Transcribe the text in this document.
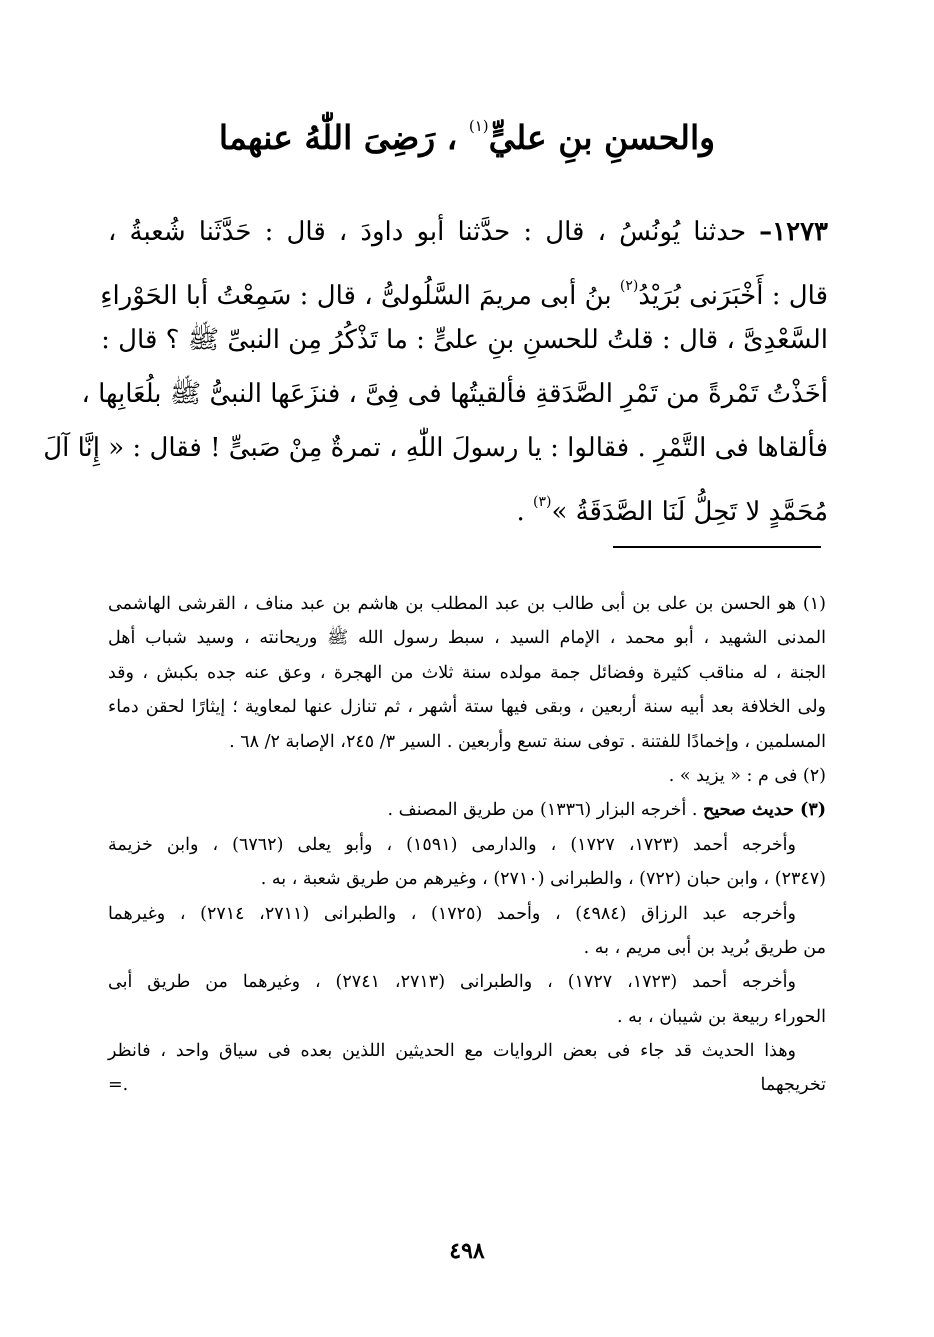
والحسنِ بنِ عليٍّ$^{(١)}$ ، رَضِىَ اللّٰهُ عنهما
١٢٧٣– حدثنا يُونُسُ ، قال : حدَّثنا أبو داودَ ، قال : حَدَّثَنا شُعبةُ ،
قال : أَخْبَرَنى بُرَيْدُ$^{(٢)}$ بنُ أبى مريمَ السَّلُولىُّ ، قال : سَمِعْتُ أبا الحَوْراءِ
السَّعْدِىَّ ، قال : قلتُ للحسنِ بنِ علىٍّ : ما تَذْكُرُ مِن النبىِّ ﷺ ؟ قال :
أخَذْتُ تَمْرةً من تَمْرِ الصَّدَقةِ فألقيتُها فى فِىَّ ، فنزَعَها النبىُّ ﷺ بلُعَابِها ،
فألقاها فى التَّمْرِ . فقالوا : يا رسولَ اللّٰهِ ، تمرةٌ مِنْ صَبىٍّ ! فقال : « إِنَّا آلَ
مُحَمَّدٍ لا تَحِلُّ لَنَا الصَّدَقَةُ »$^{(٣)}$ .
(١) هو الحسن بن على بن أبى طالب بن عبد المطلب بن هاشم بن عبد مناف ، القرشى الهاشمى
المدنى الشهيد ، أبو محمد ، الإمام السيد ، سبط رسول الله ﷺ وريحانته ، وسيد شباب أهل
الجنة ، له مناقب كثيرة وفضائل جمة مولده سنة ثلاث من الهجرة ، وعق عنه جده بكبش ، وقد
ولى الخلافة بعد أبيه سنة أربعين ، وبقى فيها ستة أشهر ، ثم تنازل عنها لمعاوية ؛ إيثارًا لحقن دماء
المسلمين ، وإخمادًا للفتنة . توفى سنة تسع وأربعين . السير ٣/ ٢٤٥، الإصابة ٢/ ٦٨ .
(٢) فى م : « يزيد » .
(٣) حديث صحيح . أخرجه البزار (١٣٣٦) من طريق المصنف .
وأخرجه أحمد (١٧٢٣، ١٧٢٧) ، والدارمى (١٥٩١) ، وأبو يعلى (٦٧٦٢) ، وابن خزيمة
(٢٣٤٧) ، وابن حبان (٧٢٢) ، والطبرانى (٢٧١٠) ، وغيرهم من طريق شعبة ، به .
وأخرجه عبد الرزاق (٤٩٨٤) ، وأحمد (١٧٢٥) ، والطبرانى (٢٧١١، ٢٧١٤) ، وغيرهما
من طريق بُريد بن أبى مريم ، به .
وأخرجه أحمد (١٧٢٣، ١٧٢٧) ، والطبرانى (٢٧١٣، ٢٧٤١) ، وغيرهما من طريق أبى
الحوراء ربيعة بن شيبان ، به .
وهذا الحديث قد جاء فى بعض الروايات مع الحديثين اللذين بعده فى سياق واحد ، فانظر
تخريجهما .=
٤٩٨
